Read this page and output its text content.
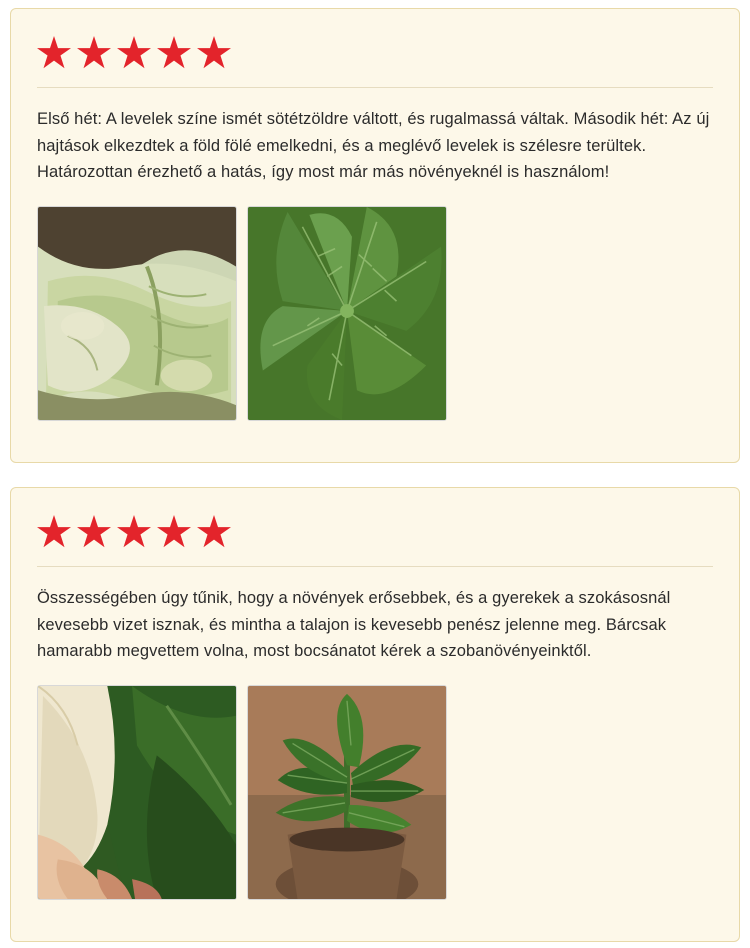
Első hét: A levelek színe ismét sötétzöldre váltott, és rugalmassá váltak. Második hét: Az új hajtások elkezdtek a föld fölé emelkedni, és a meglévő levelek is szélesre terültek. Határozottan érezhető a hatás, így most már más növényeknél is használom!

Összességében úgy tűnik, hogy a növények erősebbek, és a gyerekek a szokásosnál kevesebb vizet isznak, és mintha a talajon is kevesebb penész jelenne meg. Bárcsak hamarabb megvettem volna, most bocsánatot kérek a szobanövényeinktől.
